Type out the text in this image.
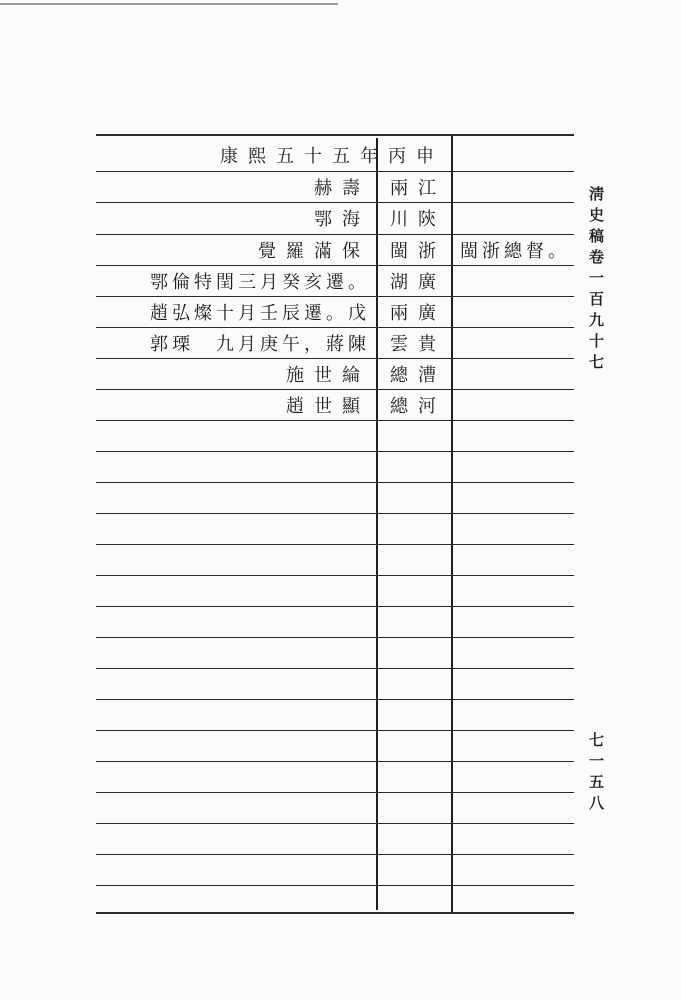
康熙五十五年丙申
兩江
赫壽
川陝
鄂海
閩浙
覺羅滿保	閩浙總督。
湖廣
鄂倫特閏三月癸亥遷。
兩廣
趙弘燦十月壬辰遷。戊
雲貴
郭瑮　九月庚午，蔣陳
總漕
施世綸
總河
趙世顯
淸史稿卷一百九十七
七一五八
